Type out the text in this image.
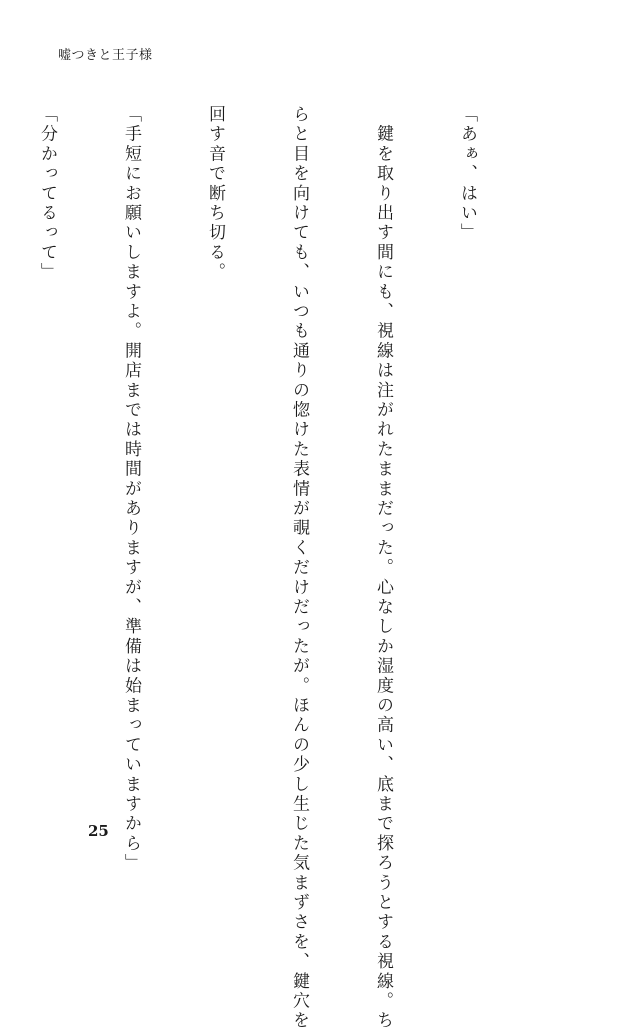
嘘つきと王子様

「あぁ、はい」

　鍵を取り出す間にも、視線は注がれたままだった。心なしか湿度の高い、底まで探ろうとする視線。ち

らと目を向けても、いつも通りの惚けた表情が覗くだけだったが。ほんの少し生じた気まずさを、鍵穴を

回す音で断ち切る。

「手短にお願いしますよ。開店までは時間がありますが、準備は始まっていますから」

「分かってるって」

25
